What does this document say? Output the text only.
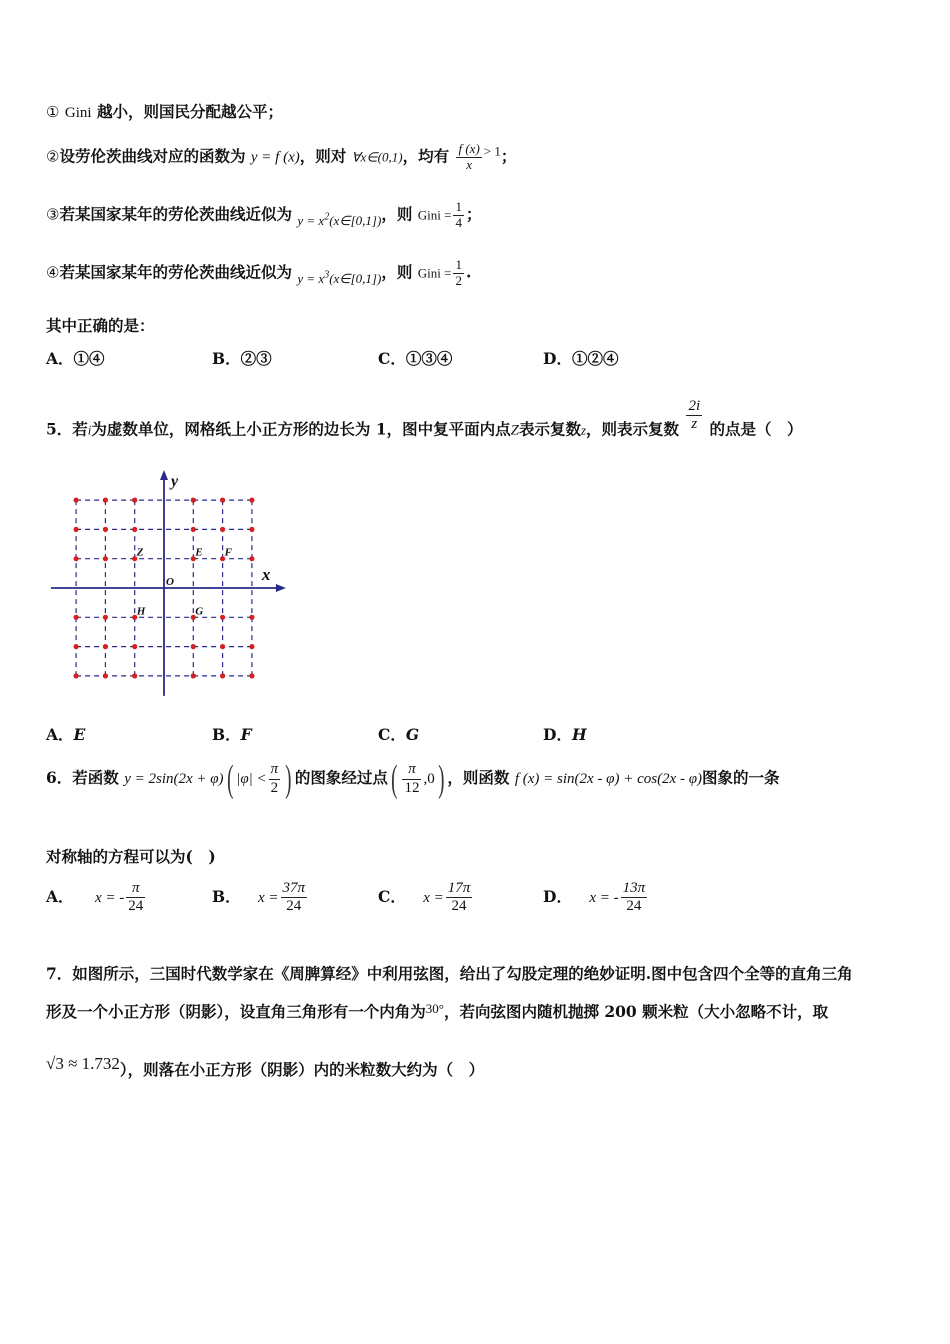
① Gini 越小，则国民分配越公平；
②设劳伦茨曲线对应的函数为 y = f (x)，则对 ∀x∈(0,1)，均有 $\frac{f (x)}{x} ^{> 1}$；
③若某国家某年的劳伦茨曲线近似为 $_{y = x^2(x\in[0,1])}$，则 Gini = $\frac{1}{4}$ ；
④若某国家某年的劳伦茨曲线近似为 $_{y = x^3(x\in[0,1])}$，则 Gini = $\frac{1}{2}$ .
其中正确的是：
A．①④	B．②③	C．①③④	D．①②④
5．若i为虚数单位，网格纸上小正方形的边长为 1，图中复平面内点Z表示复数z，则表示复数 $\frac{2i}{z}$ 的点是（　）
x
y
O
Z	E F
H	G
A．E	B．F	C．G	D．H
6．若函数 y = 2sin(2x + φ)( $|\varphi| < \frac{\pi}{2}$ ) 的图象经过点( $\frac{\pi}{12} ,0$) ，则函数 f (x) = sin(2x - φ) + cos(2x - φ)图象的一条
对称轴的方程可以为(　)
A． x = - $\frac{\pi}{24}$	B． $x = \frac{37\pi}{24}$	C． $x = \frac{17\pi}{24}$	D． x = - $\frac{13\pi}{24}$
7．如图所示，三国时代数学家在《周脾算经》中利用弦图，给出了勾股定理的绝妙证明.图中包含四个全等的直角三角
形及一个小正方形（阴影），设直角三角形有一个内角为$^{30^\circ}$，若向弦图内随机抛掷 200 颗米粒（大小忽略不计，取
√3 ≈ 1.732），则落在小正方形（阴影）内的米粒数大约为（　）
